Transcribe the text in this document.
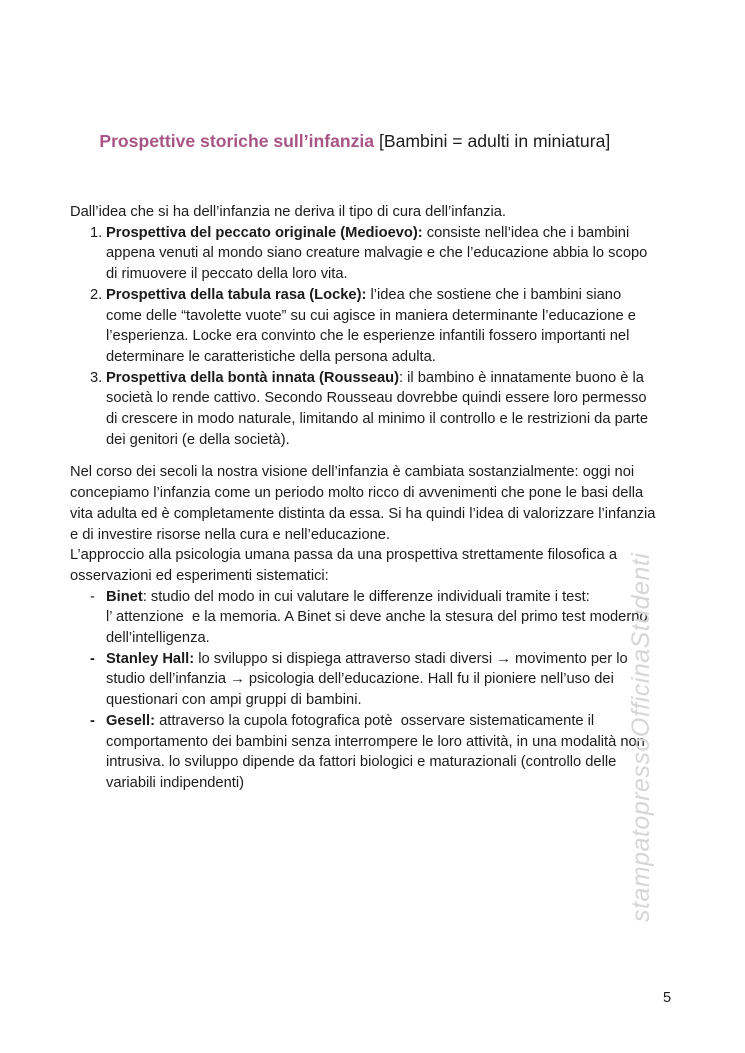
Prospettive storiche sull’infanzia [Bambini = adulti in miniatura]

Dall’idea che si ha dell’infanzia ne deriva il tipo di cura dell’infanzia.
1. Prospettiva del peccato originale (Medioevo): consiste nell’idea che i bambini
appena venuti al mondo siano creature malvagie e che l’educazione abbia lo scopo
di rimuovere il peccato della loro vita.
2. Prospettiva della tabula rasa (Locke): l’idea che sostiene che i bambini siano
come delle “tavolette vuote” su cui agisce in maniera determinante l’educazione e
l’esperienza. Locke era convinto che le esperienze infantili fossero importanti nel
determinare le caratteristiche della persona adulta.
3. Prospettiva della bontà innata (Rousseau): il bambino è innatamente buono è la
società lo rende cattivo. Secondo Rousseau dovrebbe quindi essere loro permesso
di crescere in modo naturale, limitando al minimo il controllo e le restrizioni da parte
dei genitori (e della società).
Nel corso dei secoli la nostra visione dell’infanzia è cambiata sostanzialmente: oggi noi
concepiamo l’infanzia come un periodo molto ricco di avvenimenti che pone le basi della
vita adulta ed è completamente distinta da essa. Si ha quindi l’idea di valorizzare l’infanzia
e di investire risorse nella cura e nell’educazione.
L’approccio alla psicologia umana passa da una prospettiva strettamente filosofica a
osservazioni ed esperimenti sistematici:
- Binet: studio del modo in cui valutare le differenze individuali tramite i test:
l’ attenzione  e la memoria. A Binet si deve anche la stesura del primo test moderno
dell’intelligenza.
- Stanley Hall: lo sviluppo si dispiega attraverso stadi diversi → movimento per lo
studio dell’infanzia → psicologia dell’educazione. Hall fu il pioniere nell’uso dei
questionari con ampi gruppi di bambini.
- Gesell: attraverso la cupola fotografica potè  osservare sistematicamente il
comportamento dei bambini senza interrompere le loro attività, in una modalità non
intrusiva. lo sviluppo dipende da fattori biologici e maturazionali (controllo delle
variabili indipendenti)	stampatopressoOfficinaStudenti
5
